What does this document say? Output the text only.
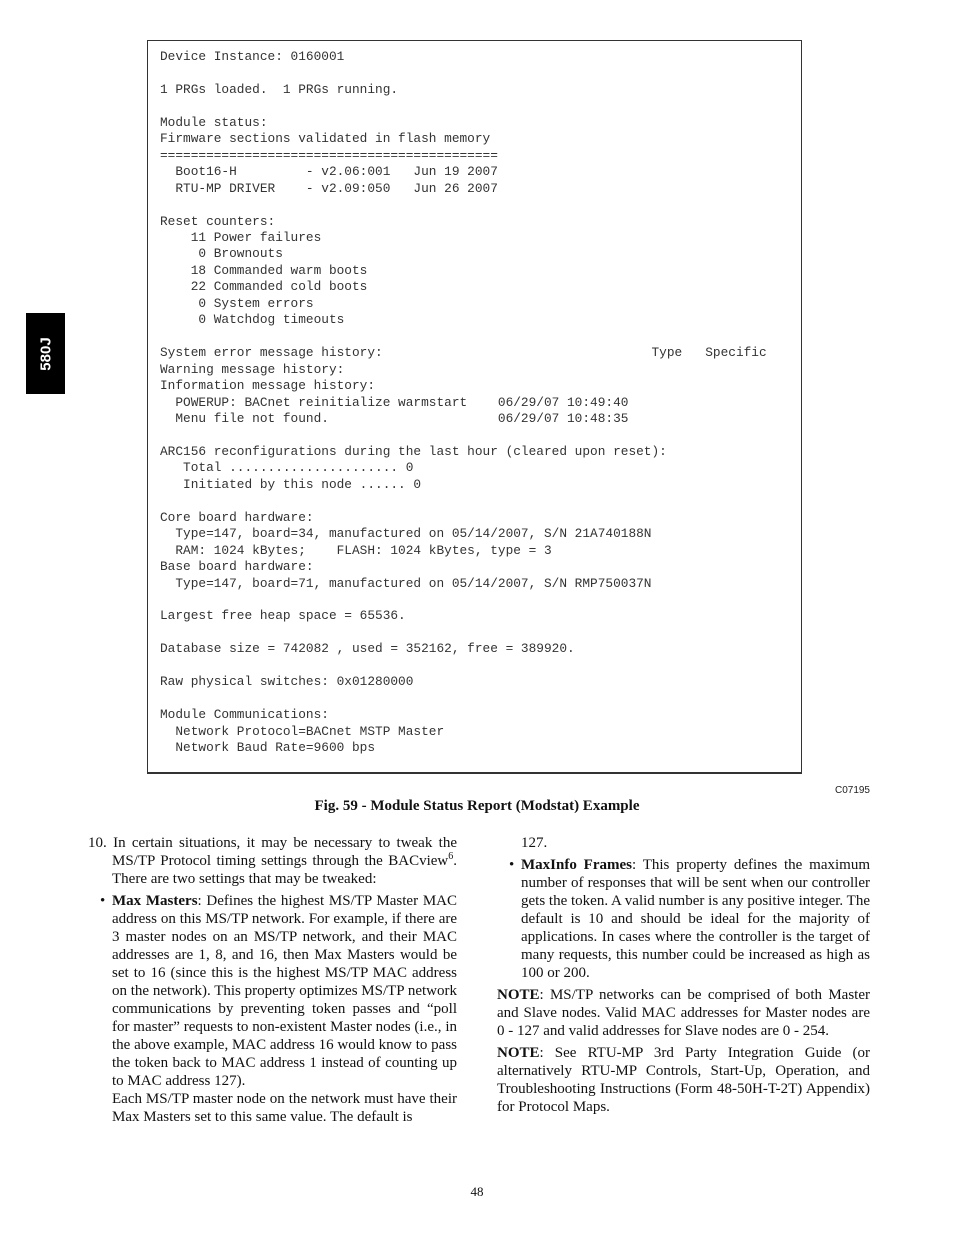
580J
Device Instance: 0160001

1 PRGs loaded.  1 PRGs running.

Module status:
Firmware sections validated in flash memory
============================================
Boot16-H         - v2.06:001   Jun 19 2007
RTU-MP DRIVER    - v2.09:050   Jun 26 2007

Reset counters:
11 Power failures
0 Brownouts
18 Commanded warm boots
22 Commanded cold boots
0 System errors
0 Watchdog timeouts

System error message history:                                   Type   Specific
Warning message history:
Information message history:
POWERUP: BACnet reinitialize warmstart    06/29/07 10:49:40
Menu file not found.                      06/29/07 10:48:35

ARC156 reconfigurations during the last hour (cleared upon reset):
Total ...................... 0
Initiated by this node ...... 0

Core board hardware:
Type=147, board=34, manufactured on 05/14/2007, S/N 21A740188N
RAM: 1024 kBytes;    FLASH: 1024 kBytes, type = 3
Base board hardware:
Type=147, board=71, manufactured on 05/14/2007, S/N RMP750037N

Largest free heap space = 65536.

Database size = 742082 , used = 352162, free = 389920.

Raw physical switches: 0x01280000

Module Communications:
Network Protocol=BACnet MSTP Master
Network Baud Rate=9600 bps
C07195
Fig. 59 - Module Status Report (Modstat) Example

10. In certain situations, it may be necessary to tweak the MS/TP Protocol timing settings through the BACview$^6$. There are two settings that may be tweaked:

• Max Masters: Defines the highest MS/TP Master MAC address on this MS/TP network. For example, if there are 3 master nodes on an MS/TP network, and their MAC addresses are 1, 8, and 16, then Max Masters would be set to 16 (since this is the highest MS/TP MAC address on the network). This property optimizes MS/TP network communications by preventing token passes and “poll for master” requests to non-existent Master nodes (i.e., in the above example, MAC address 16 would know to pass the token back to MAC address 1 instead of counting up to MAC address 127).

Each MS/TP master node on the network must have their Max Masters set to this same value. The default is

127.

• MaxInfo Frames: This property defines the maximum number of responses that will be sent when our controller gets the token. A valid number is any positive integer. The default is 10 and should be ideal for the majority of applications. In cases where the controller is the target of many requests, this number could be increased as high as 100 or 200.

NOTE: MS/TP networks can be comprised of both Master and Slave nodes. Valid MAC addresses for Master nodes are 0 - 127 and valid addresses for Slave nodes are 0 - 254.

NOTE: See RTU-MP 3rd Party Integration Guide (or alternatively RTU-MP Controls, Start-Up, Operation, and Troubleshooting Instructions (Form 48-50H-T-2T) Appendix) for Protocol Maps.

48
